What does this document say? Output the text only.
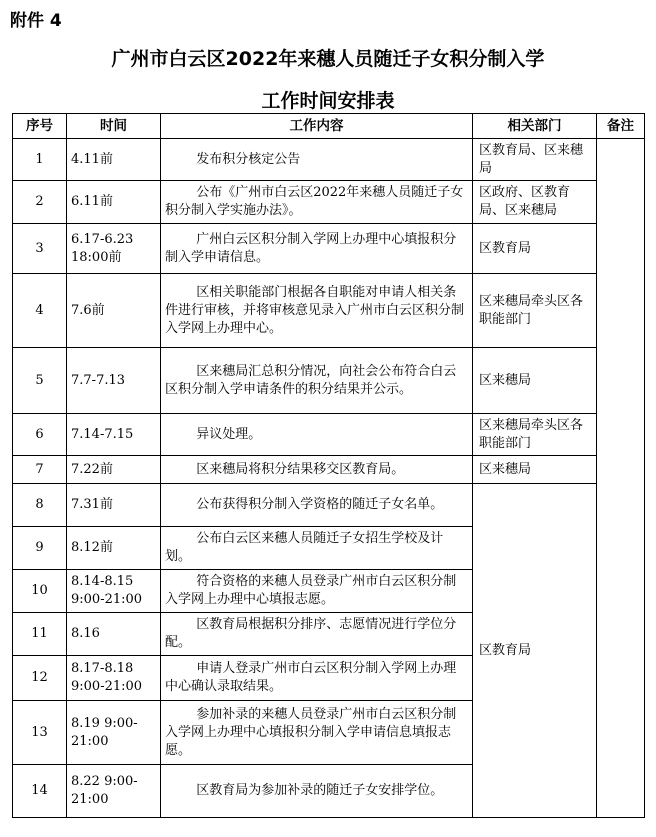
附件 4
广州市白云区2022年来穗人员随迁子女积分制入学
工作时间安排表
序号	时间	工作内容	相关部门	备注
1	4.11前	发布积分核定公告	区教育局、区来穗局	
2	6.11前	公布《广州市白云区2022年来穗人员随迁子女积分制入学实施办法》。	区政府、区教育局、区来穗局	
3	6.17-6.23 18:00前	广州白云区积分制入学网上办理中心填报积分制入学申请信息。	区教育局	
4	7.6前	区相关职能部门根据各自职能对申请人相关条件进行审核，并将审核意见录入广州市白云区积分制入学网上办理中心。	区来穗局牵头区各职能部门	
5	7.7-7.13	区来穗局汇总积分情况，向社会公布符合白云区积分制入学申请条件的积分结果并公示。	区来穗局	
6	7.14-7.15	异议处理。	区来穗局牵头区各职能部门	
7	7.22前	区来穗局将积分结果移交区教育局。	区来穗局	
8	7.31前	公布获得积分制入学资格的随迁子女名单。	区教育局	
9	8.12前	公布白云区来穗人员随迁子女招生学校及计划。		
10	8.14-8.15 9:00-21:00	符合资格的来穗人员登录广州市白云区积分制入学网上办理中心填报志愿。		
11	8.16	区教育局根据积分排序、志愿情况进行学位分配。		
12	8.17-8.18 9:00-21:00	申请人登录广州市白云区积分制入学网上办理中心确认录取结果。		
13	8.19 9:00-21:00	参加补录的来穗人员登录广州市白云区积分制入学网上办理中心填报积分制入学申请信息填报志愿。		
14	8.22 9:00-21:00	区教育局为参加补录的随迁子女安排学位。		
